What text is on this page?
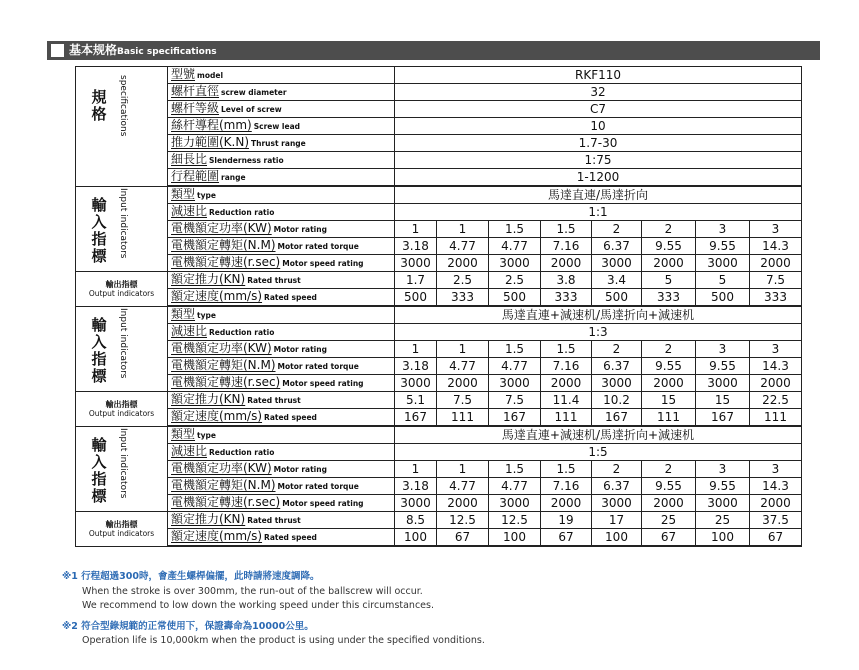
基本规格Basic specifications
規格 specifications	型號 model	RKF110							
	螺杆直徑 screw diameter	32							
	螺杆等級 Level of screw	C7							
	絲杆導程(mm) Screw lead	10							
	推力範圍(K.N) Thrust range	1.7-30							
	細長比 Slenderness ratio	1:75							
	行程範圍 range	1-1200							

輸入指標 Input indicators	類型 type	馬達直連/馬達折向							
	減速比 Reduction ratio	1:1							
	電機額定功率(KW) Motor rating	1	1	1.5	1.5	2	2	3	3
	電機額定轉矩(N.M) Motor rated torque	3.18	4.77	4.77	7.16	6.37	9.55	9.55	14.3
	電機額定轉速(r.sec) Motor speed rating	3000	2000	3000	2000	3000	2000	3000	2000

輸出指標
Output indicators	額定推力(KN) Rated thrust	1.7	2.5	2.5	3.8	3.4	5	5	7.5
	額定速度(mm/s) Rated speed	500	333	500	333	500	333	500	333

輸入指標 Input indicators	類型 type	馬達直連+減速机/馬達折向+減速机							
	減速比 Reduction ratio	1:3							
	電機額定功率(KW) Motor rating	1	1	1.5	1.5	2	2	3	3
	電機額定轉矩(N.M) Motor rated torque	3.18	4.77	4.77	7.16	6.37	9.55	9.55	14.3
	電機額定轉速(r.sec) Motor speed rating	3000	2000	3000	2000	3000	2000	3000	2000

輸出指標
Output indicators	額定推力(KN) Rated thrust	5.1	7.5	7.5	11.4	10.2	15	15	22.5
	額定速度(mm/s) Rated speed	167	111	167	111	167	111	167	111

輸入指標 Input indicators	類型 type	馬達直連+減速机/馬達折向+減速机							
	減速比 Reduction ratio	1:5							
	電機額定功率(KW) Motor rating	1	1	1.5	1.5	2	2	3	3
	電機額定轉矩(N.M) Motor rated torque	3.18	4.77	4.77	7.16	6.37	9.55	9.55	14.3
	電機額定轉速(r.sec) Motor speed rating	3000	2000	3000	2000	3000	2000	3000	2000

輸出指標
Output indicators	額定推力(KN) Rated thrust	8.5	12.5	12.5	19	17	25	25	37.5
	額定速度(mm/s) Rated speed	100	67	100	67	100	67	100	67
※1 行程超過300時，會產生螺桿偏擺，此時請將速度調降。
When the stroke is over 300mm, the run-out of the ballscrew will occur.
We recommend to low down the working speed under this circumstances.
※2 符合型錄規範的正常使用下，保證壽命為10000公里。
Operation life is 10,000km when the product is using under the specified vonditions.
